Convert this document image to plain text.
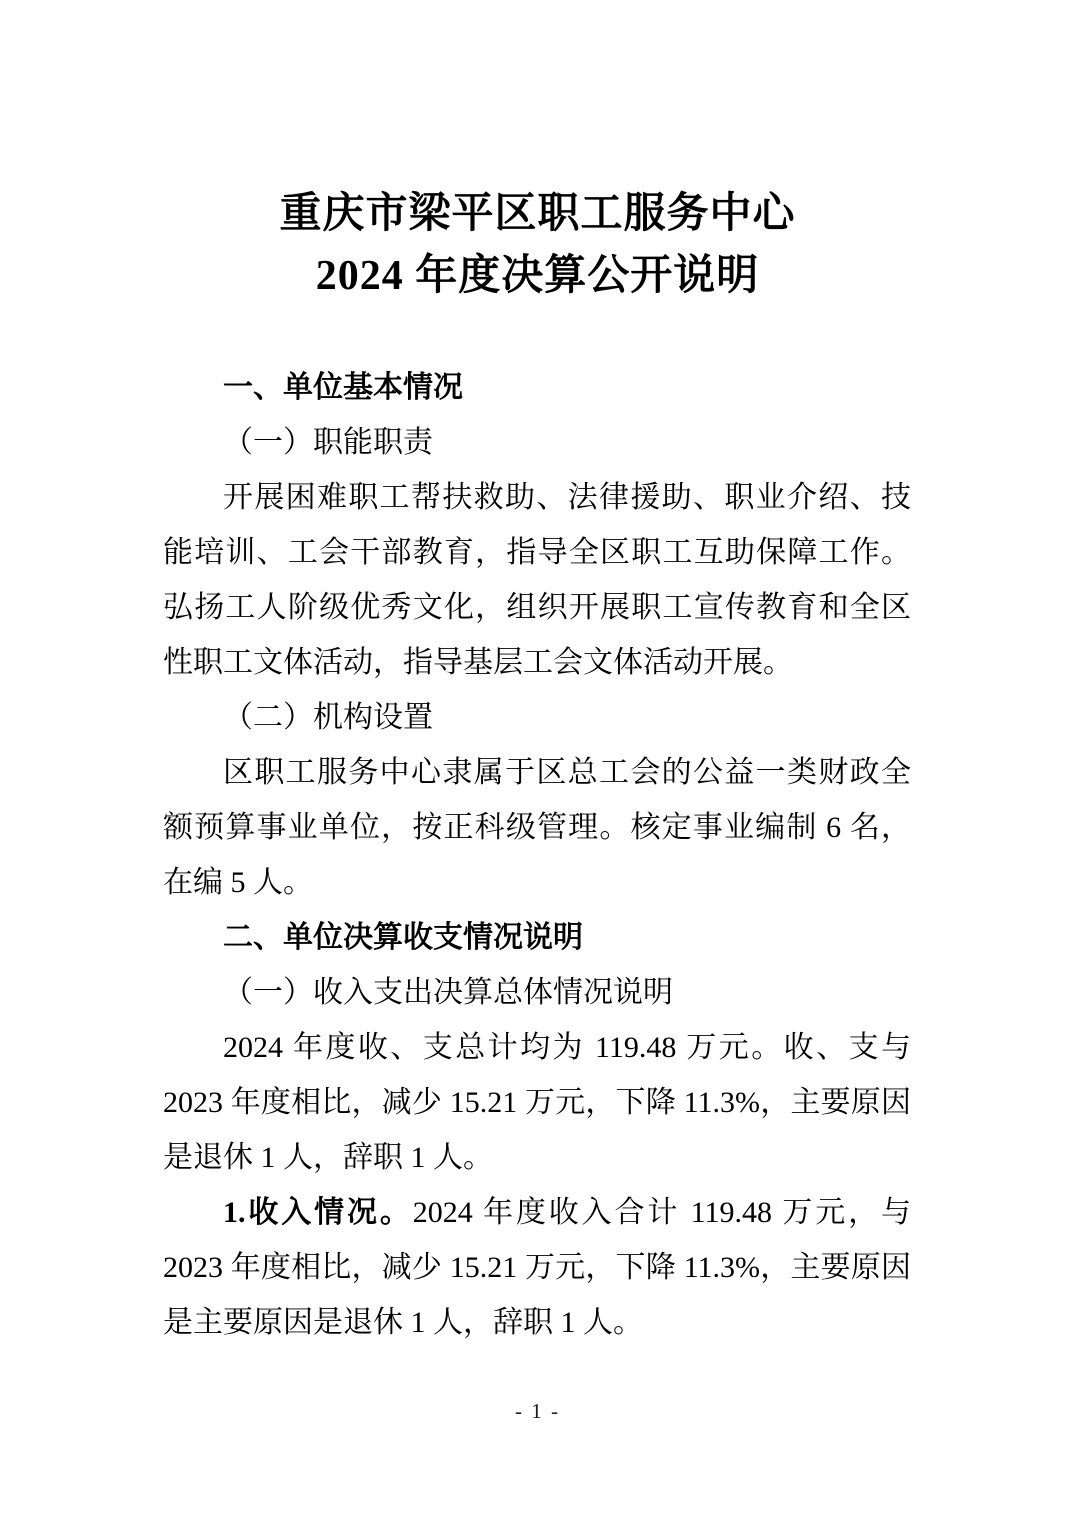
重庆市梁平区职工服务中心
2024 年度决算公开说明
一、单位基本情况
（一）职能职责
开展困难职工帮扶救助、法律援助、职业介绍、技能培训、工会干部教育，指导全区职工互助保障工作。弘扬工人阶级优秀文化，组织开展职工宣传教育和全区性职工文体活动，指导基层工会文体活动开展。
（二）机构设置
区职工服务中心隶属于区总工会的公益一类财政全额预算事业单位，按正科级管理。核定事业编制 6 名，在编 5 人。
二、单位决算收支情况说明
（一）收入支出决算总体情况说明
2024 年度收、支总计均为 119.48 万元。收、支与 2023 年度相比，减少 15.21 万元，下降 11.3%，主要原因是退休 1 人，辞职 1 人。
1.收入情况。2024 年度收入合计 119.48 万元，与 2023 年度相比，减少 15.21 万元，下降 11.3%，主要原因是主要原因是退休 1 人，辞职 1 人。
- 1 -
